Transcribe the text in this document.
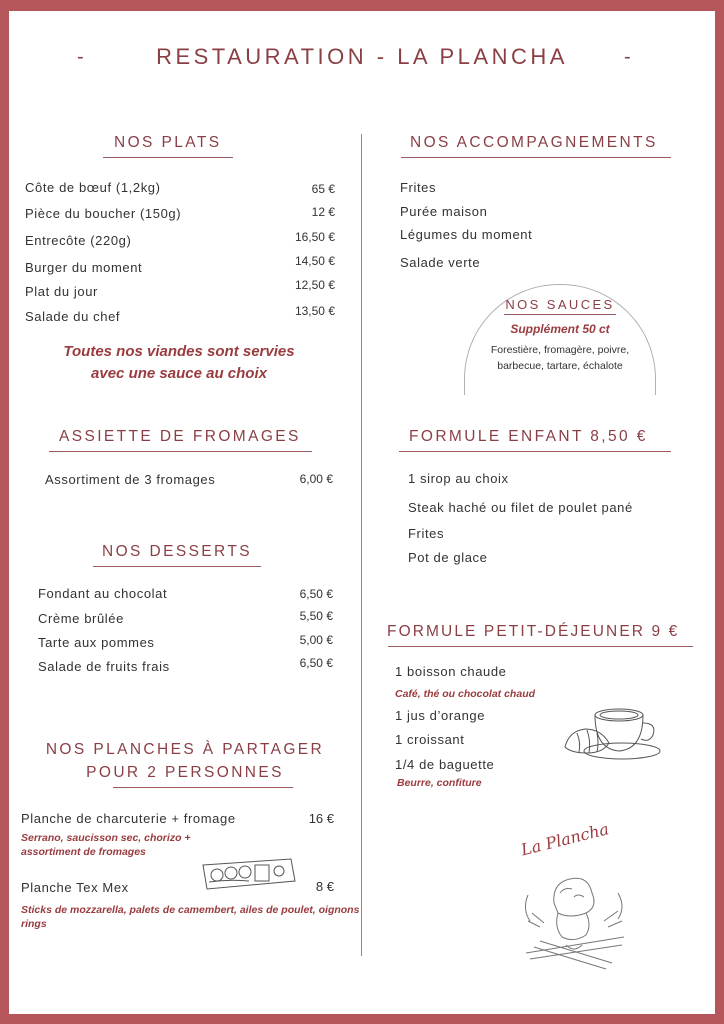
-	RESTAURATION - LA PLANCHA	-
NOS PLATS
Côte de bœuf (1,2kg)	65 €
Pièce du boucher (150g)	12 €
Entrecôte (220g)	16,50 €
Burger du moment	14,50 €
Plat du jour	12,50 €
Salade du chef	13,50 €
Toutes nos viandes sont servies
avec une sauce au choix
NOS ACCOMPAGNEMENTS
Frites
Purée maison
Légumes du moment
Salade verte
NOS SAUCES
Supplément 50 ct
Forestière, fromagère, poivre,
barbecue, tartare, échalote
ASSIETTE DE FROMAGES
Assortiment de 3 fromages	6,00 €
FORMULE ENFANT 8,50 €
1 sirop au choix
Steak haché ou filet de poulet pané
Frites
Pot de glace
NOS DESSERTS
Fondant au chocolat	6,50 €
Crème brûlée	5,50 €
Tarte aux pommes	5,00 €
Salade de fruits frais	6,50 €
FORMULE PETIT-DÉJEUNER 9 €
1 boisson chaude
Café, thé ou chocolat chaud
1 jus d’orange
1 croissant
1/4 de baguette
Beurre, confiture
NOS PLANCHES À PARTAGER
POUR 2 PERSONNES
Planche de charcuterie + fromage	16 €
Serrano, saucisson sec, chorizo + assortiment de fromages
Planche Tex Mex	8 €
Sticks de mozzarella, palets de camembert, ailes de poulet, oignons rings
La Plancha
